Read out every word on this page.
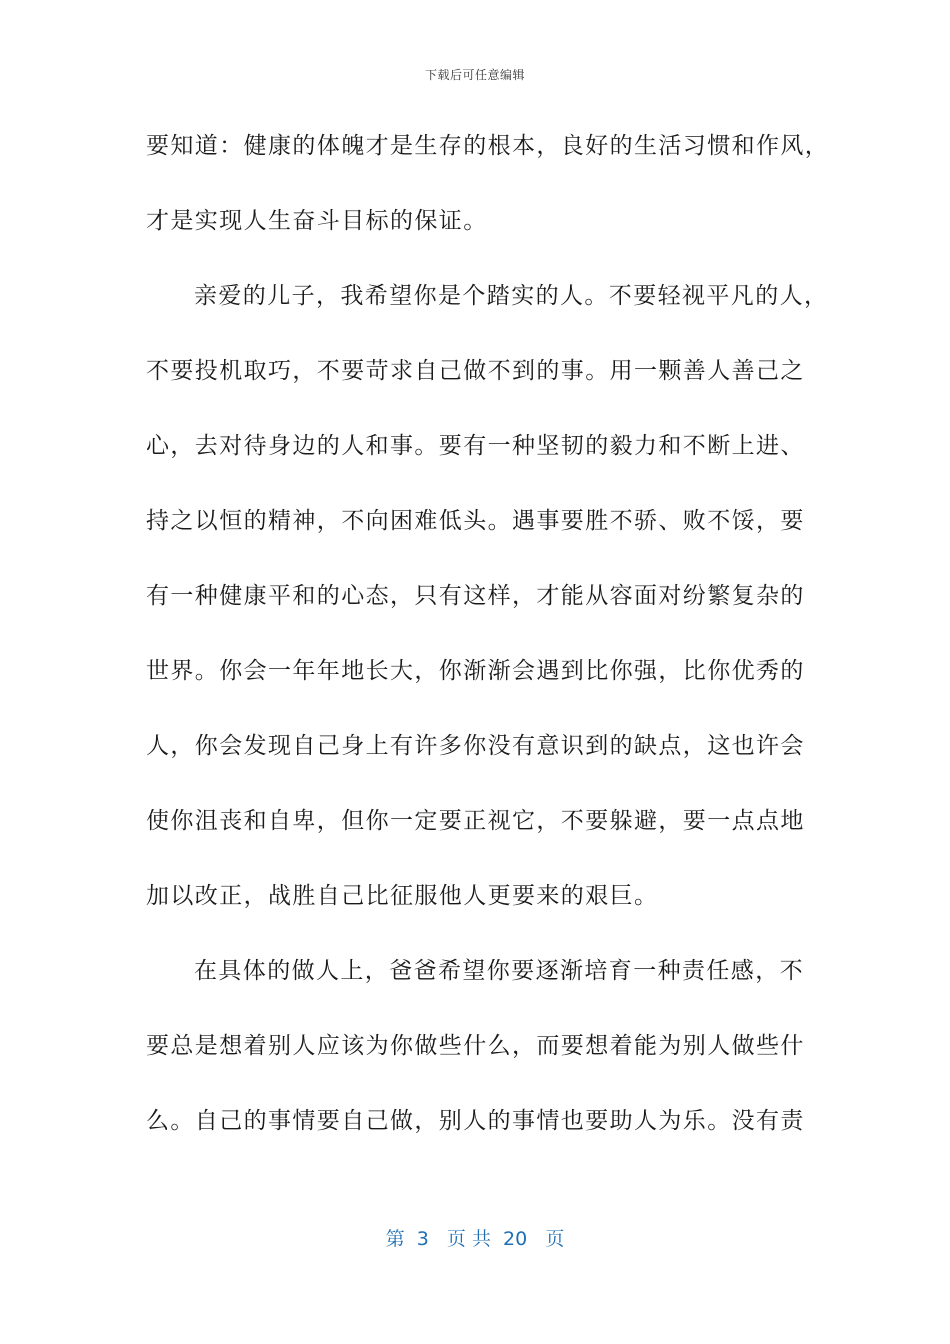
下载后可任意编辑
要知道：健康的体魄才是生存的根本，良好的生活习惯和作风，
才是实现人生奋斗目标的保证。
亲爱的儿子，我希望你是个踏实的人。不要轻视平凡的人，
不要投机取巧，不要苛求自己做不到的事。用一颗善人善己之
心，去对待身边的人和事。要有一种坚韧的毅力和不断上进、
持之以恒的精神，不向困难低头。遇事要胜不骄、败不馁，要
有一种健康平和的心态，只有这样，才能从容面对纷繁复杂的
世界。你会一年年地长大，你渐渐会遇到比你强，比你优秀的
人，你会发现自己身上有许多你没有意识到的缺点，这也许会
使你沮丧和自卑，但你一定要正视它，不要躲避，要一点点地
加以改正，战胜自己比征服他人更要来的艰巨。
在具体的做人上，爸爸希望你要逐渐培育一种责任感，不
要总是想着别人应该为你做些什么，而要想着能为别人做些什
么。自己的事情要自己做，别人的事情也要助人为乐。没有责
第  3   页 共  20   页
